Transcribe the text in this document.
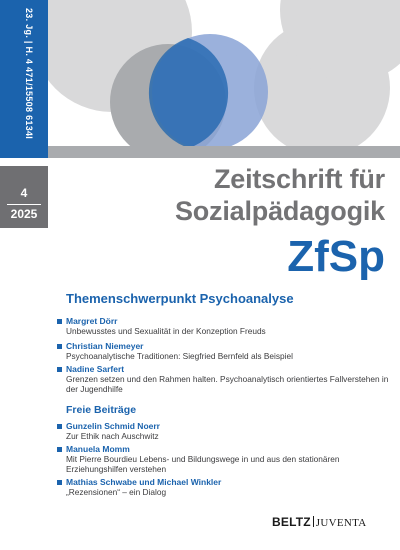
23. Jg. | H. 4 471/15508 6134I
4
2025
Zeitschrift für
Sozialpädagogik
ZfSp
Themenschwerpunkt Psychoanalyse
Margret Dörr
Unbewusstes und Sexualität in der Konzeption Freuds
Christian Niemeyer
Psychoanalytische Traditionen: Siegfried Bernfeld als Beispiel
Nadine Sarfert
Grenzen setzen und den Rahmen halten. Psychoanalytisch orientiertes Fallverstehen in der Jugendhilfe
Freie Beiträge
Gunzelin Schmid Noerr
Zur Ethik nach Auschwitz
Manuela Momm
Mit Pierre Bourdieu Lebens- und Bildungswege in und aus den stationären Erziehungshilfen verstehen
Mathias Schwabe und Michael Winkler
„Rezensionen“ – ein Dialog
BELTZ JUVENTA
